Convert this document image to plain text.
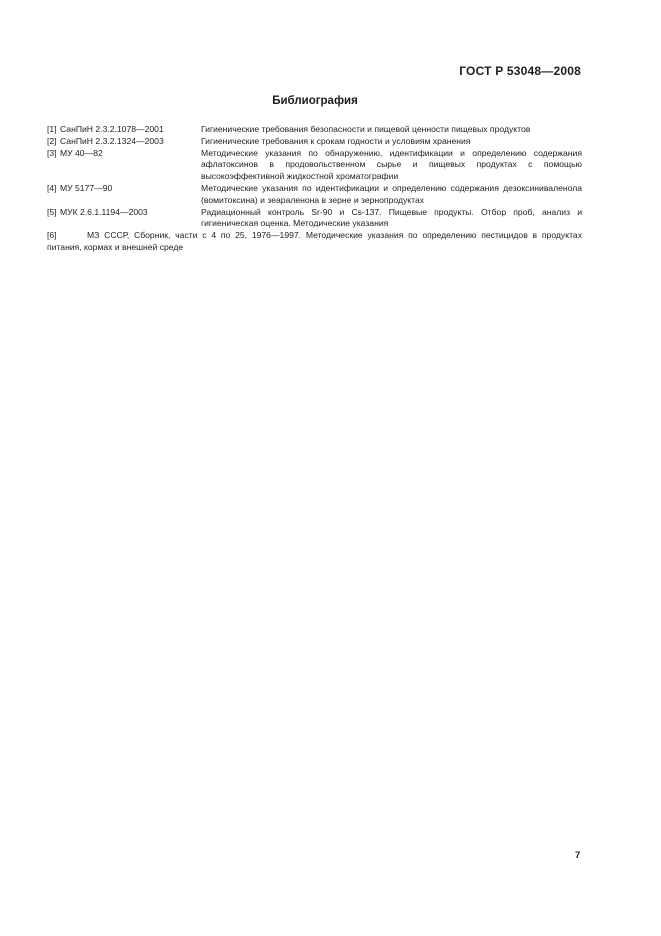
ГОСТ Р 53048—2008
Библиография
[1] СанПиН 2.3.2.1078—2001	Гигиенические требования безопасности и пищевой ценности пищевых продуктов
[2] СанПиН 2.3.2.1324—2003	Гигиенические требования к срокам годности и условиям хранения
[3] МУ 40—82	Методические указания по обнаружению, идентификации и определению содержания афлатоксинов в продовольственном сырье и пищевых продуктах с помощью высокоэффективной жидкостной хроматографии
[4] МУ 5177—90	Методические указания по идентификации и определению содержания дезоксиниваленола (вомитоксина) и зеараленона в зерне и зернопродуктах
[5] МУК 2.6.1.1194—2003	Радиационный контроль Sr-90 и Cs-137. Пищевые продукты. Отбор проб, анализ и гигиеническая оценка. Методические указания
[6]	МЗ СССР, Сборник, части с 4 по 25, 1976—1997. Методические указания по определению пестицидов в продуктах питания, кормах и внешней среде
7
